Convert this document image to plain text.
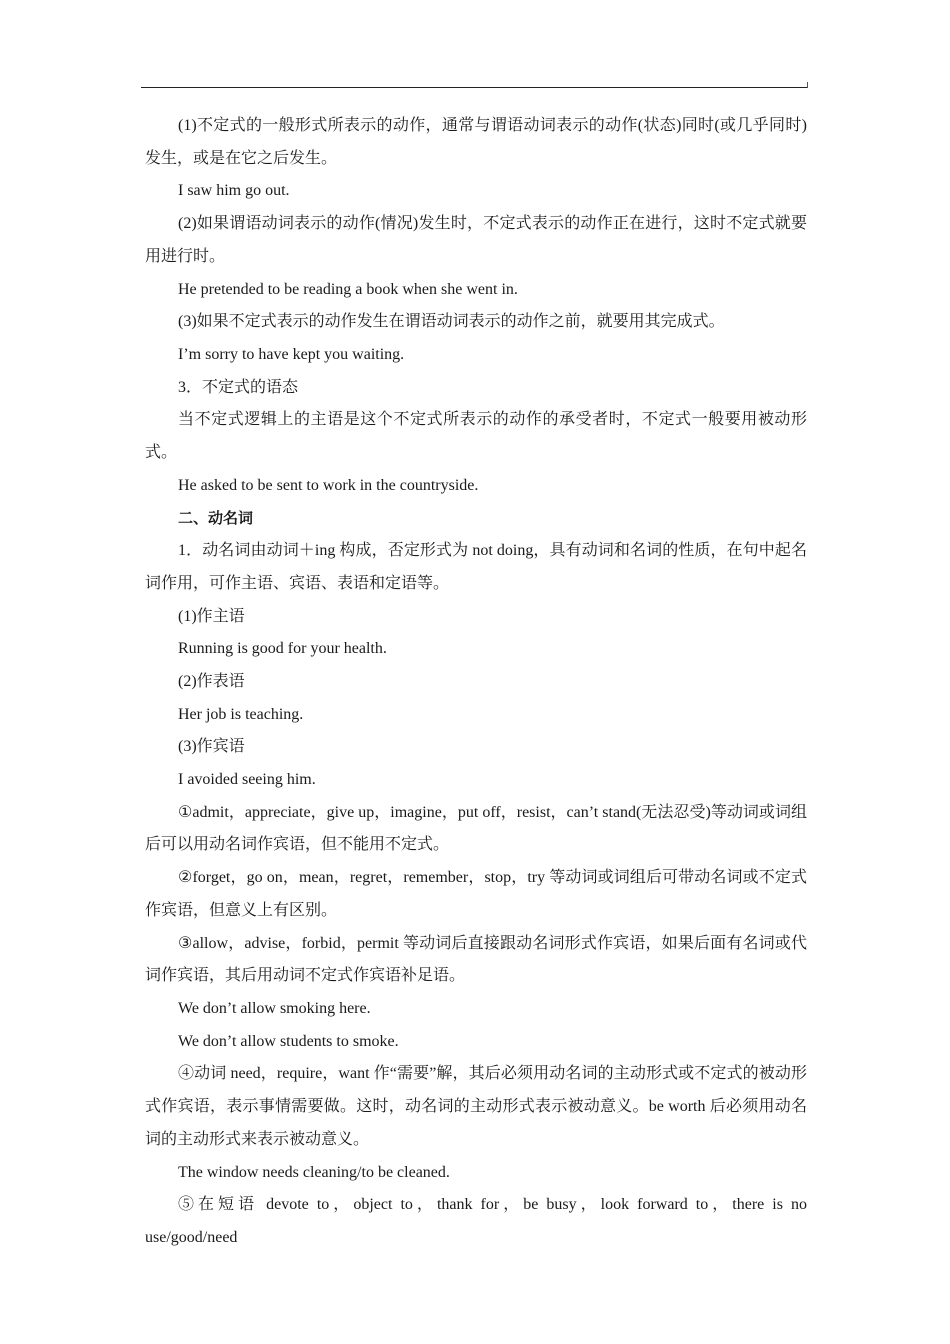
(1)不定式的一般形式所表示的动作，通常与谓语动词表示的动作(状态)同时(或几乎同时)发生，或是在它之后发生。

I saw him go out.

(2)如果谓语动词表示的动作(情况)发生时，不定式表示的动作正在进行，这时不定式就要用进行时。

He pretended to be reading a book when she went in.

(3)如果不定式表示的动作发生在谓语动词表示的动作之前，就要用其完成式。

I’m sorry to have kept you waiting.

3．不定式的语态

当不定式逻辑上的主语是这个不定式所表示的动作的承受者时，不定式一般要用被动形式。

He asked to be sent to work in the countryside.

二、动名词

1．动名词由动词＋ing 构成，否定形式为 not doing，具有动词和名词的性质，在句中起名词作用，可作主语、宾语、表语和定语等。

(1)作主语

Running is good for your health.

(2)作表语

Her job is teaching.

(3)作宾语

I avoided seeing him.

①admit，appreciate，give up，imagine，put off，resist，can’t stand(无法忍受)等动词或词组后可以用动名词作宾语，但不能用不定式。

②forget，go on，mean，regret，remember，stop，try 等动词或词组后可带动名词或不定式作宾语，但意义上有区别。

③allow，advise，forbid，permit 等动词后直接跟动名词形式作宾语，如果后面有名词或代词作宾语，其后用动词不定式作宾语补足语。

We don’t allow smoking here.

We don’t allow students to smoke.

④动词 need，require，want 作“需要”解，其后必须用动名词的主动形式或不定式的被动形式作宾语，表示事情需要做。这时，动名词的主动形式表示被动意义。be worth 后必须用动名词的主动形式来表示被动意义。

The window needs cleaning/to be cleaned.

⑤在短语 devote to，object to，thank for，be busy，look forward to，there is no use/good/need
